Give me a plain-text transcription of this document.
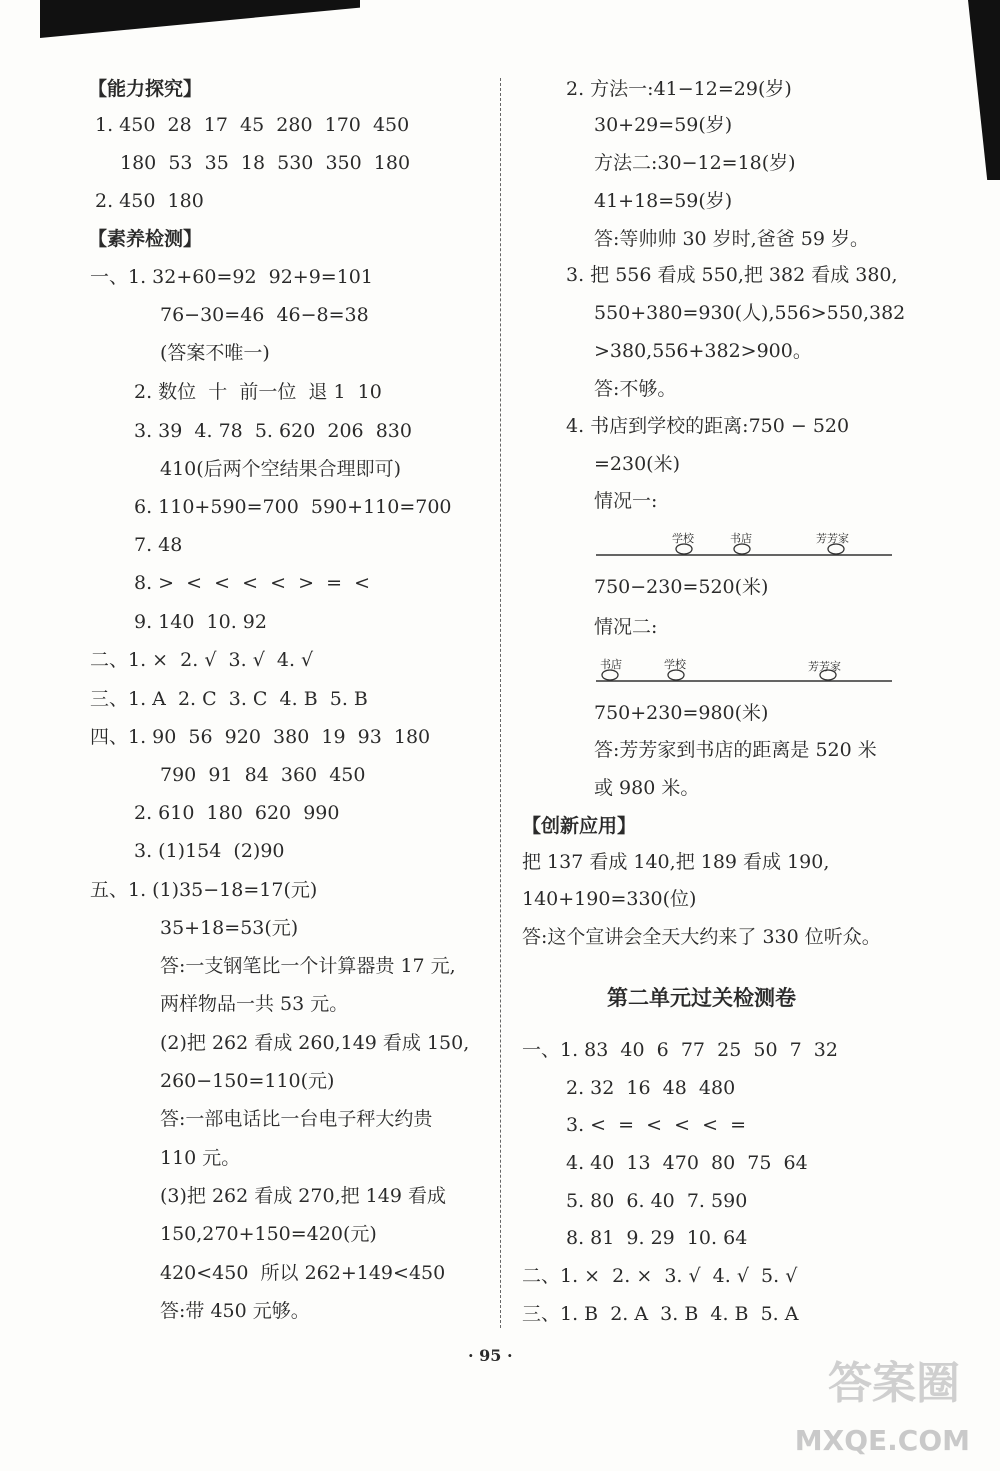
【能力探究】
1. 450  28  17  45  280  170  450
180  53  35  18  530  350  180
2. 450  180
【素养检测】
一、1. 32+60=92  92+9=101
76−30=46  46−8=38
(答案不唯一)
2. 数位  十  前一位  退 1  10
3. 39  4. 78  5. 620  206  830
410(后两个空结果合理即可)
6. 110+590=700  590+110=700
7. 48
8. >  <  <  <  <  >  =  <
9. 140  10. 92
二、1. ×  2. √  3. √  4. √
三、1. A  2. C  3. C  4. B  5. B
四、1. 90  56  920  380  19  93  180
790  91  84  360  450
2. 610  180  620  990
3. (1)154  (2)90
五、1. (1)35−18=17(元)
35+18=53(元)
答:一支钢笔比一个计算器贵 17 元,
两样物品一共 53 元。
(2)把 262 看成 260,149 看成 150,
260−150=110(元)
答:一部电话比一台电子秤大约贵
110 元。
(3)把 262 看成 270,把 149 看成
150,270+150=420(元)
420<450  所以 262+149<450
答:带 450 元够。
2. 方法一:41−12=29(岁)
30+29=59(岁)
方法二:30−12=18(岁)
41+18=59(岁)
答:等帅帅 30 岁时,爸爸 59 岁。
3. 把 556 看成 550,把 382 看成 380,
550+380=930(人),556>550,382
>380,556+382>900。
答:不够。
4. 书店到学校的距离:750 − 520
=230(米)
情况一:
750−230=520(米)
情况二:
750+230=980(米)
答:芳芳家到书店的距离是 520 米
或 980 米。
【创新应用】
把 137 看成 140,把 189 看成 190,
140+190=330(位)
答:这个宣讲会全天大约来了 330 位听众。
一、1. 83  40  6  77  25  50  7  32
2. 32  16  48  480
3. <  =  <  <  <  =
4. 40  13  470  80  75  64
5. 80  6. 40  7. 590
8. 81  9. 29  10. 64
二、1. ×  2. ×  3. √  4. √  5. √
三、1. B  2. A  3. B  4. B  5. A
第二单元过关检测卷
学校	书店	芳芳家
书店	学校	芳芳家
· 95 ·
答案圈
MXQE.COM
